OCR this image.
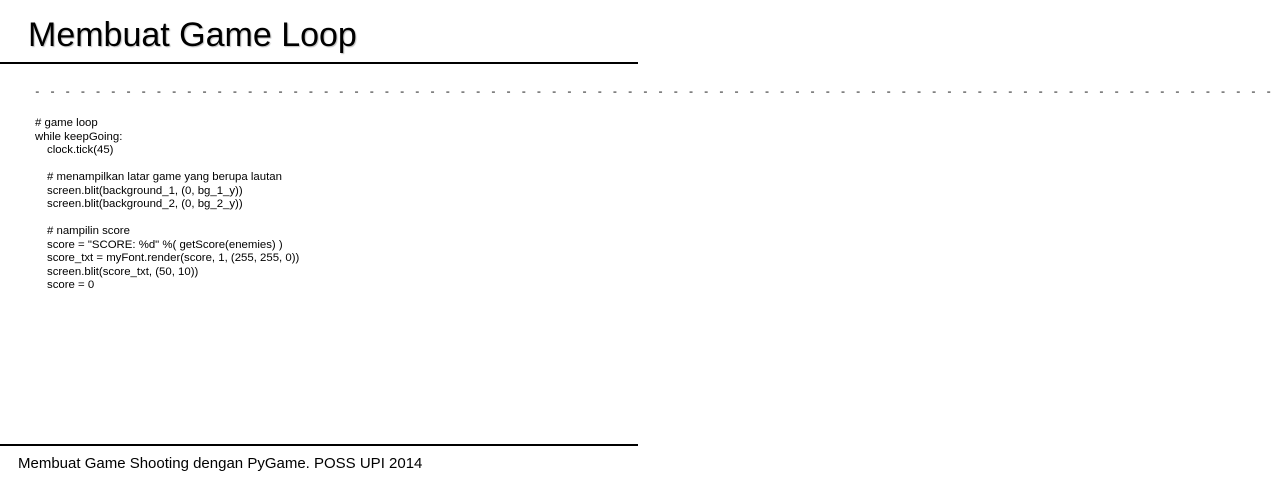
Membuat Game Loop
- - - - - - - - - - - - - - - - - - - - - - - - - - - - - - - - - - - - - - - - - - - - - - - - - - - - - - - - - - - - - - - - - - - - - - - - - - - - - - - - - -
# game loop
while keepGoing:
clock.tick(45)
# menampilkan latar game yang berupa lautan
screen.blit(background_1, (0, bg_1_y))
screen.blit(background_2, (0, bg_2_y))
# nampilin score
score = "SCORE: %d" %( getScore(enemies) )
score_txt = myFont.render(score, 1, (255, 255, 0))
screen.blit(score_txt, (50, 10))
score = 0
Membuat Game Shooting dengan PyGame. POSS UPI 2014
